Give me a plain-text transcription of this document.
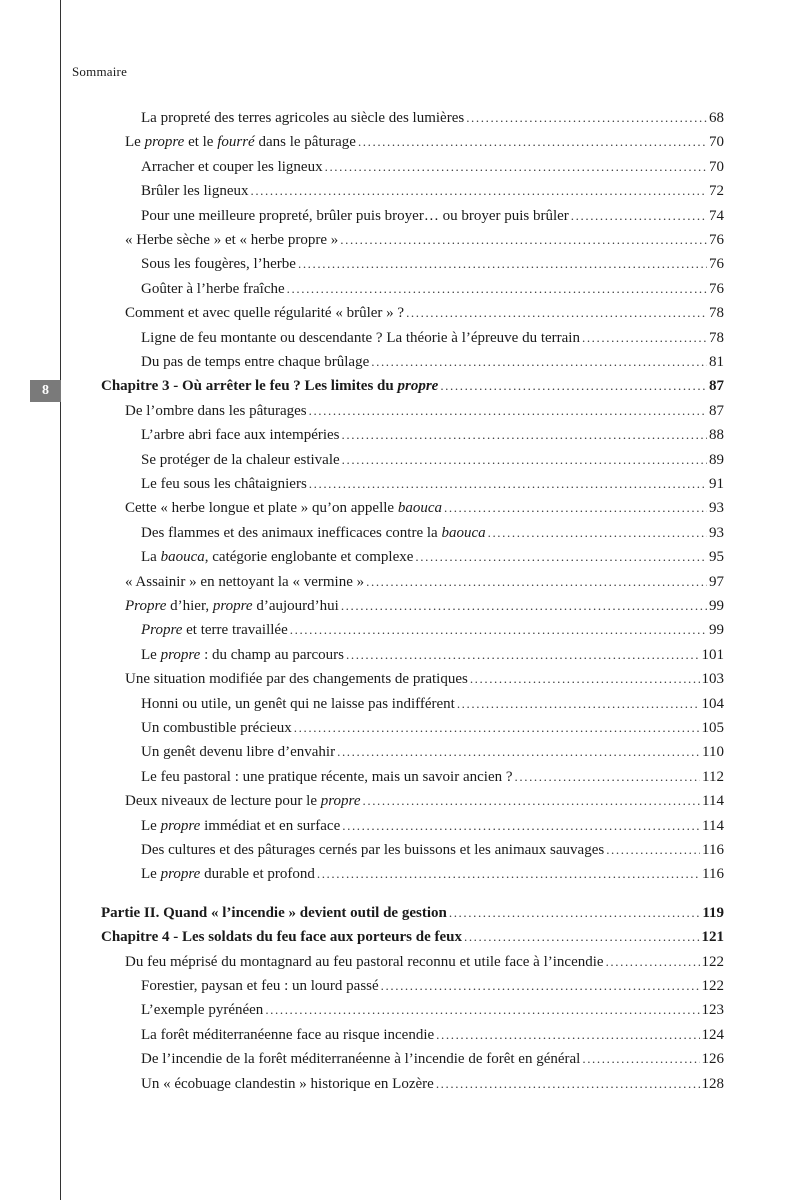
Sommaire
8
La propreté des terres agricoles au siècle des lumières .....	68
Le propre et le fourré dans le pâturage .....	70
Arracher et couper les ligneux .....	70
Brûler les ligneux .....	72
Pour une meilleure propreté, brûler puis broyer… ou broyer puis brûler .....	74
« Herbe sèche » et « herbe propre » .....	76
Sous les fougères, l’herbe .....	76
Goûter à l’herbe fraîche .....	76
Comment et avec quelle régularité « brûler » ? .....	78
Ligne de feu montante ou descendante ? La théorie à l’épreuve du terrain .....	78
Du pas de temps entre chaque brûlage .....	81
Chapitre 3 - Où arrêter le feu ? Les limites du propre .....	87
De l’ombre dans les pâturages .....	87
L’arbre abri face aux intempéries .....	88
Se protéger de la chaleur estivale .....	89
Le feu sous les châtaigniers .....	91
Cette « herbe longue et plate » qu’on appelle baouca .....	93
Des flammes et des animaux inefficaces contre la baouca .....	93
La baouca, catégorie englobante et complexe .....	95
« Assainir » en nettoyant la « vermine » .....	97
Propre d’hier, propre d’aujourd’hui .....	99
Propre et terre travaillée .....	99
Le propre : du champ au parcours .....	101
Une situation modifiée par des changements de pratiques .....	103
Honni ou utile, un genêt qui ne laisse pas indifférent .....	104
Un combustible précieux .....	105
Un genêt devenu libre d’envahir .....	110
Le feu pastoral : une pratique récente, mais un savoir ancien ? .....	112
Deux niveaux de lecture pour le propre .....	114
Le propre immédiat et en surface .....	114
Des cultures et des pâturages cernés par les buissons et les animaux sauvages .....	116
Le propre durable et profond .....	116
Partie II. Quand « l’incendie » devient outil de gestion .....	119
Chapitre 4 - Les soldats du feu face aux porteurs de feux .....	121
Du feu méprisé du montagnard au feu pastoral reconnu et utile face à l’incendie .....	122
Forestier, paysan et feu : un lourd passé .....	122
L’exemple pyrénéen .....	123
La forêt méditerranéenne face au risque incendie .....	124
De l’incendie de la forêt méditerranéenne à l’incendie de forêt en général .....	126
Un « écobuage clandestin » historique en Lozère .....	128
